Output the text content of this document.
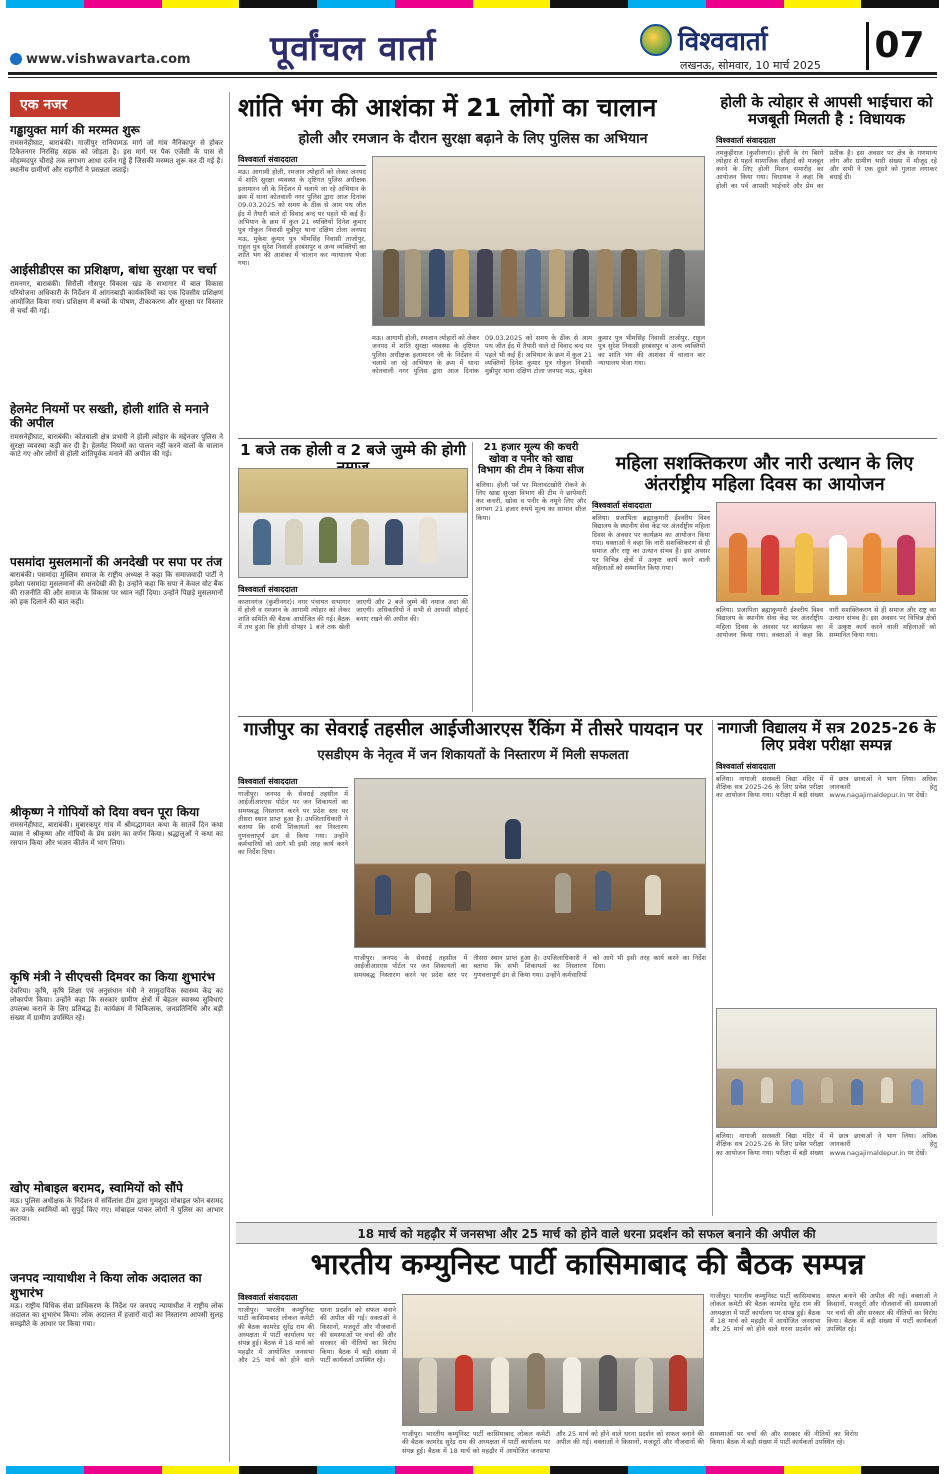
पूर्वांचल वार्ता
www.vishwavarta.com
विश्ववार्ता
लखनऊ, सोमवार, 10 मार्च 2025 07
एक नजर
गड्ढायुक्त मार्ग की मरम्मत शुरू

रामसनेहीघाट, बाराबंकी। गाजीपुर रानियामऊ मार्ग जो गांव नैनिकापुर से होकर टिकैतनगर निरसिंह सड़क को जोड़ता है। इस मार्ग पर पैक एजेंसी के पास से मोहम्मदपुर चौराहे तक लगभग आधा दर्जन गड्ढे हैं जिसकी मरम्मत शुरू कर दी गई है। स्थानीय ग्रामीणों और राहगीरों ने प्रसन्नता जताई।

आईसीडीएस का प्रशिक्षण, बांधा सुरक्षा पर चर्चा

रामनगर, बाराबंकी। सिरौली गौसपुर विकास खंड के सभागार में बाल विकास परियोजना अधिकारी के निर्देशन में आंगनबाड़ी कार्यकत्रियों का एक दिवसीय प्रशिक्षण आयोजित किया गया। प्रशिक्षण में बच्चों के पोषण, टीकाकरण और सुरक्षा पर विस्तार से चर्चा की गई।

हेलमेट नियमों पर सख्ती, होली शांति से मनाने की अपील

रामसनेहीघाट, बाराबंकी। कोतवाली क्षेत्र प्रभारी ने होली त्योहार के मद्देनजर पुलिस ने सुरक्षा व्यवस्था कड़ी कर दी है। हेलमेट नियमों का पालन नहीं करने वालों के चालान काटे गए और लोगों से होली शांतिपूर्वक मनाने की अपील की गई।

पसमांदा मुसलमानों की अनदेखी पर सपा पर तंज

बाराबंकी। पसमांदा मुस्लिम समाज के राष्ट्रीय अध्यक्ष ने कहा कि समाजवादी पार्टी ने हमेशा पसमांदा मुसलमानों की अनदेखी की है। उन्होंने कहा कि सपा ने केवल वोट बैंक की राजनीति की और समाज के विकास पर ध्यान नहीं दिया। उन्होंने पिछड़े मुसलमानों को हक दिलाने की बात कही।

श्रीकृष्ण ने गोपियों को दिया वचन पूरा किया

रामसनेहीघाट, बाराबंकी। मुबारकपुर गांव में श्रीमद्भागवत कथा के सातवें दिन कथा व्यास ने श्रीकृष्ण और गोपियों के प्रेम प्रसंग का वर्णन किया। श्रद्धालुओं ने कथा का रसपान किया और भजन कीर्तन में भाग लिया।

कृषि मंत्री ने सीएचसी दिमवर का किया शुभारंभ

देवरिया। कृषि, कृषि शिक्षा एवं अनुसंधान मंत्री ने सामुदायिक स्वास्थ्य केंद्र का लोकार्पण किया। उन्होंने कहा कि सरकार ग्रामीण क्षेत्रों में बेहतर स्वास्थ्य सुविधाएं उपलब्ध कराने के लिए प्रतिबद्ध है। कार्यक्रम में चिकित्सक, जनप्रतिनिधि और बड़ी संख्या में ग्रामीण उपस्थित रहे।

खोए मोबाइल बरामद, स्वामियों को सौंपे

मऊ। पुलिस अधीक्षक के निर्देशन में सर्विलांस टीम द्वारा गुमशुदा मोबाइल फोन बरामद कर उनके स्वामियों को सुपुर्द किए गए। मोबाइल पाकर लोगों ने पुलिस का आभार जताया।

जनपद न्यायाधीश ने किया लोक अदालत का शुभारंभ

मऊ। राष्ट्रीय विधिक सेवा प्राधिकरण के निर्देश पर जनपद न्यायाधीश ने राष्ट्रीय लोक अदालत का शुभारंभ किया। लोक अदालत में हजारों वादों का निस्तारण आपसी सुलह समझौते के आधार पर किया गया।

शांति भंग की आशंका में 21 लोगों का चालान
होली और रमजान के दौरान सुरक्षा बढ़ाने के लिए पुलिस का अभियान
विश्ववार्ता संवाददाता
मऊ। आगामी होली, रमजान त्योहारों को लेकर जनपद में शांति सुरक्षा व्यवस्था के दृष्टिगत पुलिस अधीक्षक इलामारन जी के निर्देशन में चलाये जा रहे अभियान के क्रम में थाना कोतवाली नगर पुलिस द्वारा आज दिनांक 09.03.2025 को समय के ठीक से आम पथ जीत ईद में तैयारी वाले दो विवाद बन्द पर पहले भी कई हैं। अभियान के क्रम में कुल 21 व्यक्तियों दिनेश कुमार पुत्र गोकुल निवासी मुन्नीपुर थाना दक्षिण टोला जनपद मऊ, मुकेश कुमार पुत्र भीमसिंह निवासी ताजोपुर, राहुल पुत्र सुरेश निवासी हरबंसपुर व अन्य व्यक्तियों का शांति भंग की आशंका में चालान कर न्यायालय भेजा गया।
मऊ। आगामी होली, रमजान त्योहारों को लेकर जनपद में शांति सुरक्षा व्यवस्था के दृष्टिगत पुलिस अधीक्षक इलामारन जी के निर्देशन में चलाये जा रहे अभियान के क्रम में थाना कोतवाली नगर पुलिस द्वारा आज दिनांक 09.03.2025 को समय के ठीक से आम पथ जीत ईद में तैयारी वाले दो विवाद बन्द पर पहले भी कई हैं। अभियान के क्रम में कुल 21 व्यक्तियों दिनेश कुमार पुत्र गोकुल निवासी मुन्नीपुर थाना दक्षिण टोला जनपद मऊ, मुकेश कुमार पुत्र भीमसिंह निवासी ताजोपुर, राहुल पुत्र सुरेश निवासी हरबंसपुर व अन्य व्यक्तियों का शांति भंग की आशंका में चालान कर न्यायालय भेजा गया।
होली के त्योहार से आपसी भाईचारा को मजबूती मिलती है : विधायक
विश्ववार्ता संवाददाता
तमकुहीराज (कुशीनगर)। होली के रंग बिरंगे त्योहार से पहले सामाजिक सौहार्द को मजबूत करने के लिए होली मिलन समारोह का आयोजन किया गया। विधायक ने कहा कि होली का पर्व आपसी भाईचारे और प्रेम का प्रतीक है। इस अवसर पर क्षेत्र के गणमान्य लोग और ग्रामीण भारी संख्या में मौजूद रहे और सभी ने एक दूसरे को गुलाल लगाकर बधाई दी।
1 बजे तक होली व 2 बजे जुम्मे की होगी
विश्ववार्ता संवाददाता
कप्तानगंज (कुशीनगर)। नगर पंचायत सभागार में होली व रमजान के आगामी त्योहार को लेकर शांति समिति की बैठक आयोजित की गई। बैठक में तय हुआ कि होली दोपहर 1 बजे तक खेली जाएगी और 2 बजे जुम्मे की नमाज अदा की जाएगी। अधिकारियों ने सभी से आपसी सौहार्द बनाए रखने की अपील की।
21 हजार मूल्य की कचरी खोवा व पनीर को खाद्य विभाग की टीम ने किया सीज
बलिया। होली पर्व पर मिलावटखोरी रोकने के लिए खाद्य सुरक्षा विभाग की टीम ने छापेमारी कर कचरी, खोवा व पनीर के नमूने लिए और लगभग 21 हजार रुपये मूल्य का सामान सीज किया।
महिला सशक्तिकरण और नारी उत्थान के लिए अंतर्राष्ट्रीय महिला दिवस का आयोजन
विश्ववार्ता संवाददाता
बलिया। प्रजापिता ब्रह्माकुमारी ईश्वरीय विश्व विद्यालय के स्थानीय सेवा केंद्र पर अंतर्राष्ट्रीय महिला दिवस के अवसर पर कार्यक्रम का आयोजन किया गया। वक्ताओं ने कहा कि नारी सशक्तिकरण से ही समाज और राष्ट्र का उत्थान संभव है। इस अवसर पर विभिन्न क्षेत्रों में उत्कृष्ट कार्य करने वाली महिलाओं को सम्मानित किया गया।
बलिया। प्रजापिता ब्रह्माकुमारी ईश्वरीय विश्व विद्यालय के स्थानीय सेवा केंद्र पर अंतर्राष्ट्रीय महिला दिवस के अवसर पर कार्यक्रम का आयोजन किया गया। वक्ताओं ने कहा कि नारी सशक्तिकरण से ही समाज और राष्ट्र का उत्थान संभव है। इस अवसर पर विभिन्न क्षेत्रों में उत्कृष्ट कार्य करने वाली महिलाओं को सम्मानित किया गया।
गाजीपुर का सेवराई तहसील आईजीआरएस रैंकिंग में तीसरे पायदान पर
एसडीएम के नेतृत्व में जन शिकायतों के निस्तारण में मिली सफलता
विश्ववार्ता संवाददाता
गाजीपुर। जनपद के सेवराई तहसील में आईजीआरएस पोर्टल पर जन शिकायतों का समयबद्ध निस्तारण करने पर प्रदेश स्तर पर तीसरा स्थान प्राप्त हुआ है। उपजिलाधिकारी ने बताया कि सभी शिकायतों का निस्तारण गुणवत्तापूर्ण ढंग से किया गया। उन्होंने कर्मचारियों को आगे भी इसी तरह कार्य करने का निर्देश दिया।
गाजीपुर। जनपद के सेवराई तहसील में आईजीआरएस पोर्टल पर जन शिकायतों का समयबद्ध निस्तारण करने पर प्रदेश स्तर पर तीसरा स्थान प्राप्त हुआ है। उपजिलाधिकारी ने बताया कि सभी शिकायतों का निस्तारण गुणवत्तापूर्ण ढंग से किया गया। उन्होंने कर्मचारियों को आगे भी इसी तरह कार्य करने का निर्देश दिया।
नागाजी विद्यालय में सत्र 2025-26 के लिए प्रवेश परीक्षा सम्पन्न
विश्ववार्ता संवाददाता
बलिया। नागाजी सरस्वती विद्या मंदिर में शैक्षिक सत्र 2025-26 के लिए प्रवेश परीक्षा का आयोजन किया गया। परीक्षा में बड़ी संख्या में छात्र छात्राओं ने भाग लिया। अधिक जानकारी हेतु www.nagajimaldepur.in पर देखें।
बलिया। नागाजी सरस्वती विद्या मंदिर में शैक्षिक सत्र 2025-26 के लिए प्रवेश परीक्षा का आयोजन किया गया। परीक्षा में बड़ी संख्या में छात्र छात्राओं ने भाग लिया। अधिक जानकारी हेतु www.nagajimaldepur.in पर देखें।
18 मार्च को महढ़ौर में जनसभा और 25 मार्च को होने वाले धरना प्रदर्शन को सफल बनाने की अपील की
भारतीय कम्युनिस्ट पार्टी कासिमाबाद की बैठक सम्पन्न
विश्ववार्ता संवाददाता
गाजीपुर। भारतीय कम्युनिस्ट पार्टी कासिमाबाद लोकल कमेटी की बैठक कामरेड सुरेंद्र राम की अध्यक्षता में पार्टी कार्यालय पर संपन्न हुई। बैठक में 18 मार्च को महढ़ौर में आयोजित जनसभा और 25 मार्च को होने वाले धरना प्रदर्शन को सफल बनाने की अपील की गई। वक्ताओं ने किसानों, मजदूरों और नौजवानों की समस्याओं पर चर्चा की और सरकार की नीतियों का विरोध किया। बैठक में बड़ी संख्या में पार्टी कार्यकर्ता उपस्थित रहे।
गाजीपुर। भारतीय कम्युनिस्ट पार्टी कासिमाबाद लोकल कमेटी की बैठक कामरेड सुरेंद्र राम की अध्यक्षता में पार्टी कार्यालय पर संपन्न हुई। बैठक में 18 मार्च को महढ़ौर में आयोजित जनसभा और 25 मार्च को होने वाले धरना प्रदर्शन को सफल बनाने की अपील की गई। वक्ताओं ने किसानों, मजदूरों और नौजवानों की समस्याओं पर चर्चा की और सरकार की नीतियों का विरोध किया। बैठक में बड़ी संख्या में पार्टी कार्यकर्ता उपस्थित रहे।
गाजीपुर। भारतीय कम्युनिस्ट पार्टी कासिमाबाद लोकल कमेटी की बैठक कामरेड सुरेंद्र राम की अध्यक्षता में पार्टी कार्यालय पर संपन्न हुई। बैठक में 18 मार्च को महढ़ौर में आयोजित जनसभा और 25 मार्च को होने वाले धरना प्रदर्शन को सफल बनाने की अपील की गई। वक्ताओं ने किसानों, मजदूरों और नौजवानों की समस्याओं पर चर्चा की और सरकार की नीतियों का विरोध किया। बैठक में बड़ी संख्या में पार्टी कार्यकर्ता उपस्थित रहे।
